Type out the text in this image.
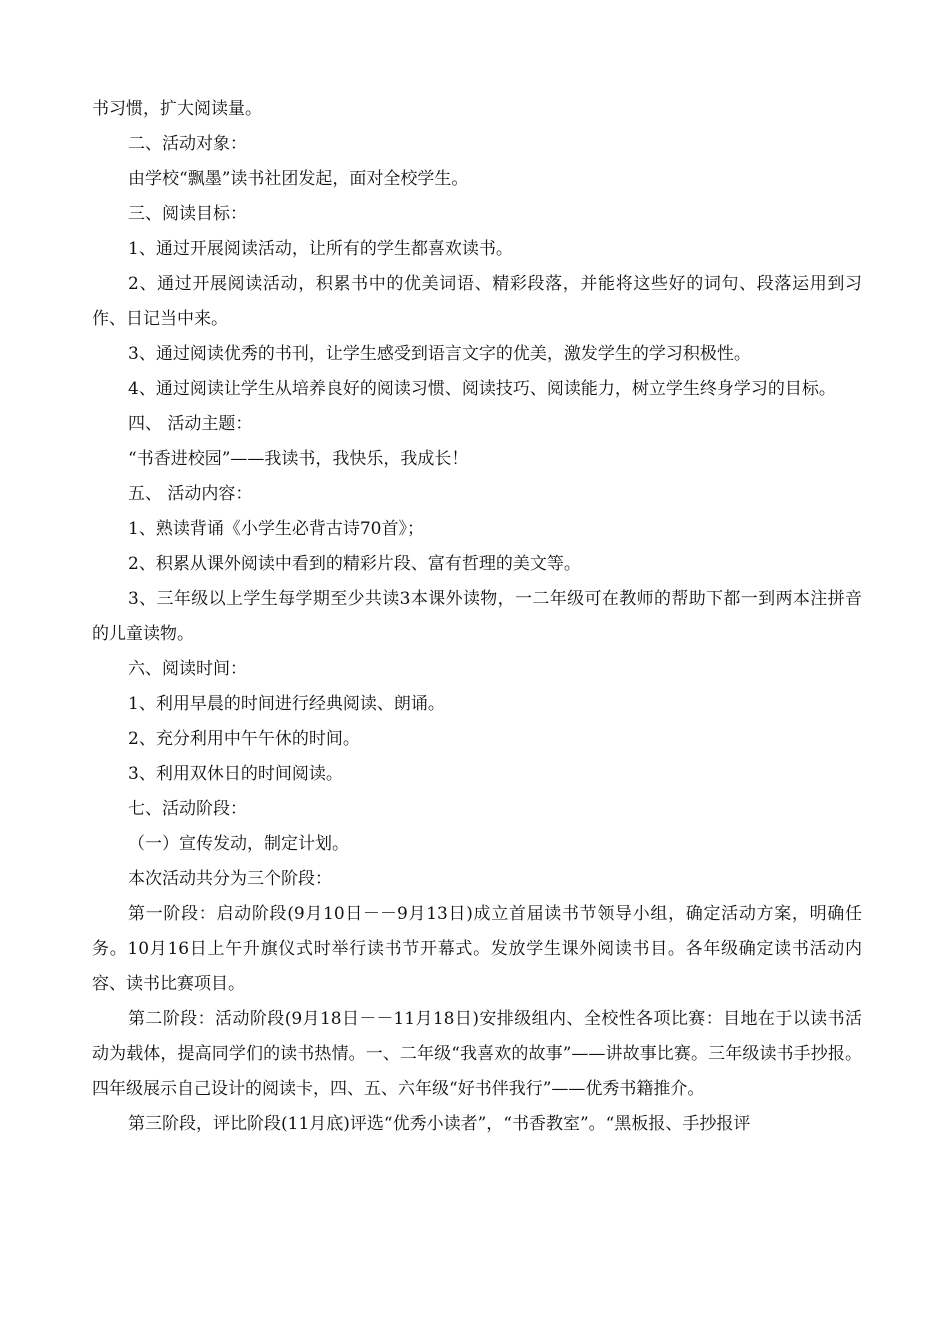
书习惯，扩大阅读量。

二、活动对象：

由学校“飘墨”读书社团发起，面对全校学生。

三、阅读目标：

1、通过开展阅读活动，让所有的学生都喜欢读书。

2、通过开展阅读活动，积累书中的优美词语、精彩段落，并能将这些好的词句、段落运用到习作、日记当中来。

3、通过阅读优秀的书刊，让学生感受到语言文字的优美，激发学生的学习积极性。

4、通过阅读让学生从培养良好的阅读习惯、阅读技巧、阅读能力，树立学生终身学习的目标。

四、 活动主题：

“书香进校园”——我读书，我快乐，我成长！

五、 活动内容：

1、熟读背诵《小学生必背古诗70首》；

2、积累从课外阅读中看到的精彩片段、富有哲理的美文等。

3、三年级以上学生每学期至少共读3本课外读物，一二年级可在教师的帮助下都一到两本注拼音的儿童读物。

六、阅读时间：

1、利用早晨的时间进行经典阅读、朗诵。

2、充分利用中午午休的时间。

3、利用双休日的时间阅读。

七、活动阶段：

（一）宣传发动，制定计划。

本次活动共分为三个阶段：

第一阶段：启动阶段(9月10日－－9月13日)成立首届读书节领导小组，确定活动方案，明确任务。10月16日上午升旗仪式时举行读书节开幕式。发放学生课外阅读书目。各年级确定读书活动内容、读书比赛项目。

第二阶段：活动阶段(9月18日－－11月18日)安排级组内、全校性各项比赛：目地在于以读书活动为载体，提高同学们的读书热情。一、二年级“我喜欢的故事”——讲故事比赛。三年级读书手抄报。四年级展示自己设计的阅读卡，四、五、六年级“好书伴我行”——优秀书籍推介。

第三阶段，评比阶段(11月底)评选“优秀小读者”，“书香教室”。“黑板报、手抄报评
